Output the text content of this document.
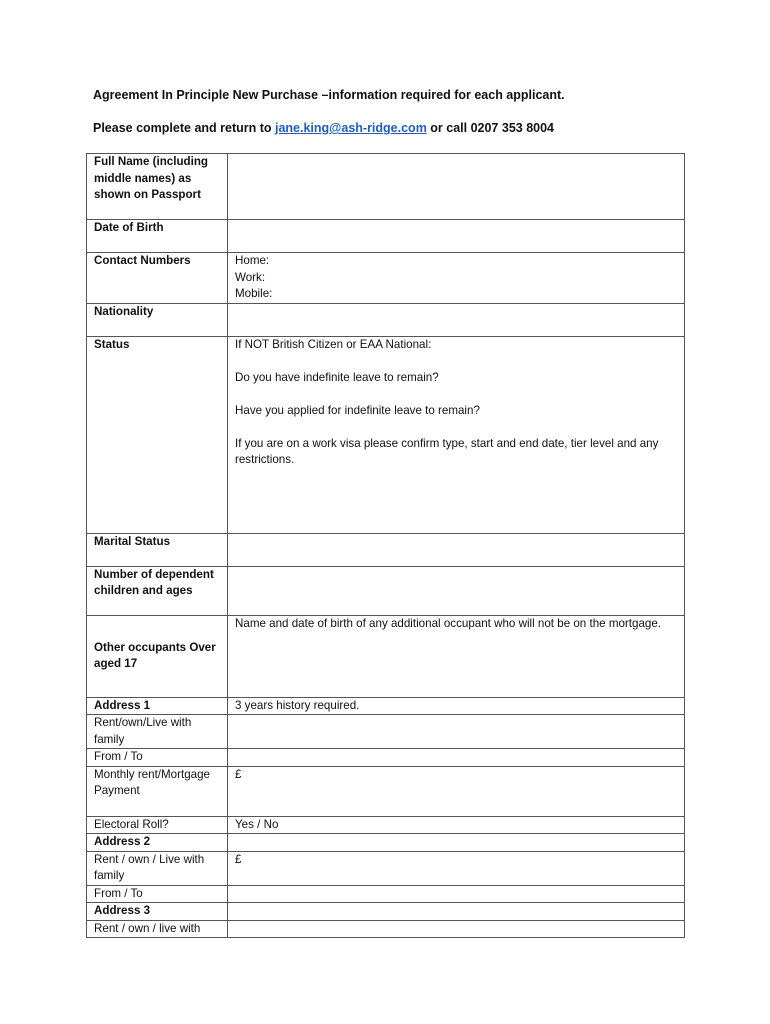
Agreement In Principle New Purchase –information required for each applicant.
Please complete and return to jane.king@ash-ridge.com or call 0207 353 8004
Full Name (including middle names) as shown on Passport	
Date of Birth	
Contact Numbers	Home:
Work:
Mobile:

Nationality	
Status	If NOT British Citizen or EAA National:
Do you have indefinite leave to remain?
Have you applied for indefinite leave to remain?
If you are on a work visa please confirm type, start and end date, tier level and any restrictions.

Marital Status	
Number of dependent children and ages	
Other occupants Over aged 17	Name and date of birth of any additional occupant who will not be on the mortgage.

Address 1	3 years history required.

Rent/own/Live with family	
From / To	
Monthly rent/Mortgage Payment	£

Electoral Roll?	Yes / No

Address 2	
Rent / own / Live with family	£

From / To	
Address 3	
Rent / own / live with	
